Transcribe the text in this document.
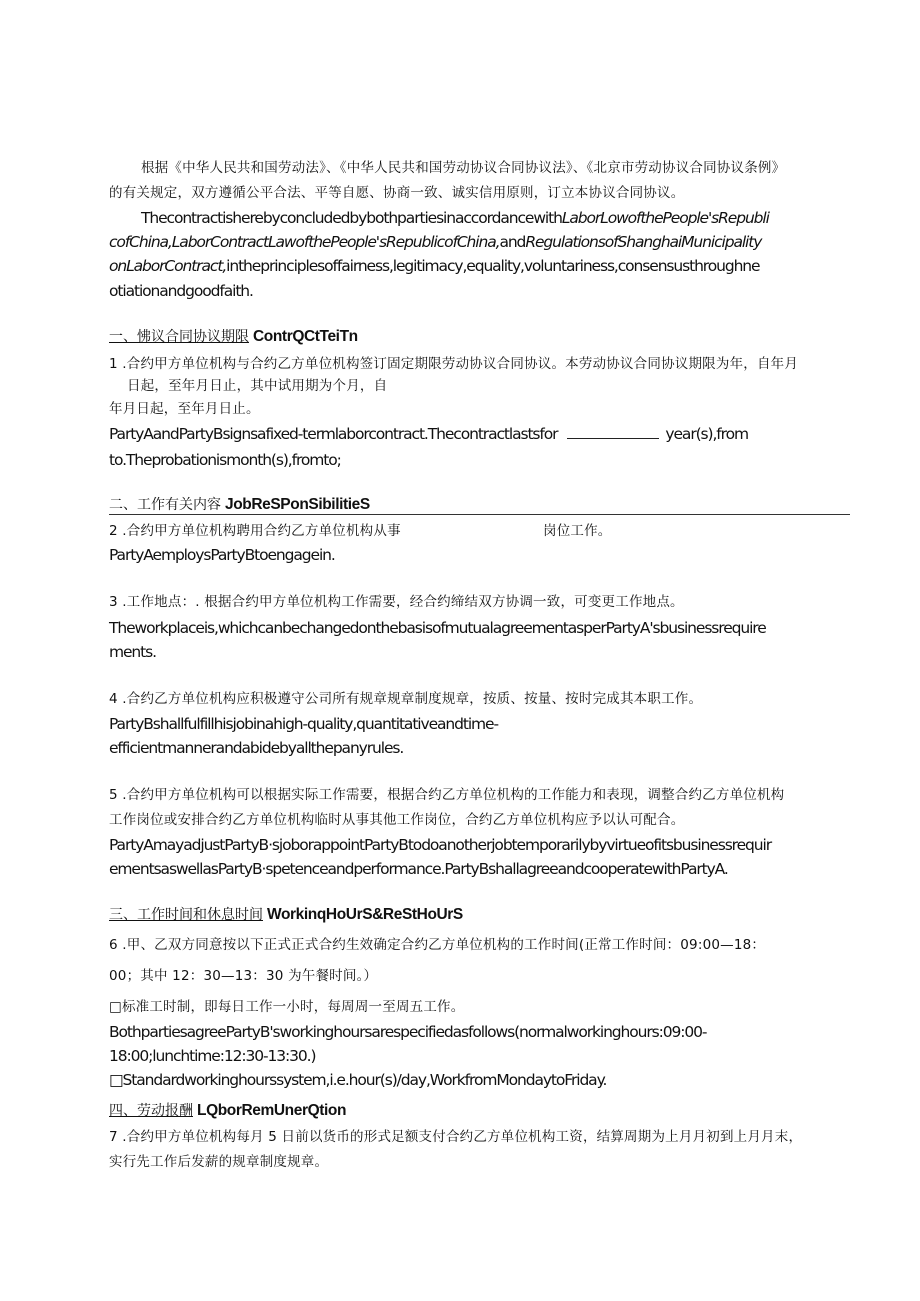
根据《中华人民共和国劳动法》、《中华人民共和国劳动协议合同协议法》、《北京市劳动协议合同协议条例》
的有关规定，双方遵循公平合法、平等自愿、协商一致、诚实信用原则，订立本协议合同协议。
ThecontractisherebyconcludedbybothpartiesinaccordancewithLaborLowofthePeople'sRepubli
cofChina,LaborContractLawofthePeople'sRepublicofChina,andRegulationsofShanghaiMunicipality
onLaborContract,intheprinciplesoffairness,legitimacy,equality,voluntariness,consensusthroughne
otiationandgoodfaith.
一、怫议合同协议期限 ContrQCtTeiTn
1 .合约甲方单位机构与合约乙方单位机构签订固定期限劳动协议合同协议。本劳动协议合同协议期限为年，自年月
日起，至年月日止，其中试用期为个月，自
年月日起，至年月日止。
PartyAandPartyBsignsafixed-termlaborcontract.Thecontractlastsfor	year(s),from
to.Theprobationismonth(s),fromto;
二、工作有关内容 JobReSPonSibilitieS
2 .合约甲方单位机构聘用合约乙方单位机构从事	岗位工作。
PartyAemploysPartyBtoengagein.
3 .工作地点：. 根据合约甲方单位机构工作需要，经合约缔结双方协调一致，可变更工作地点。
Theworkplaceis,whichcanbechangedonthebasisofmutualagreementasperPartyA'sbusinessrequire
ments.
4 .合约乙方单位机构应积极遵守公司所有规章规章制度规章，按质、按量、按时完成其本职工作。
PartyBshallfulfillhisjobinahigh-quality,quantitativeandtime-
efficientmannerandabidebyallthepanyrules.
5 .合约甲方单位机构可以根据实际工作需要，根据合约乙方单位机构的工作能力和表现，调整合约乙方单位机构
工作岗位或安排合约乙方单位机构临时从事其他工作岗位，合约乙方单位机构应予以认可配合。
PartyAmayadjustPartyB·sjoborappointPartyBtodoanotherjobtemporarilybyvirtueofitsbusinessrequir
ementsaswellasPartyB·spetenceandperformance.PartyBshallagreeandcooperatewithPartyA.
三、工作时间和休息时间 WorkinqHoUrS&ReStHoUrS
6 .甲、乙双方同意按以下正式正式合约生效确定合约乙方单位机构的工作时间(正常工作时间：09:00—18：
00；其中 12：30—13：30 为午餐时间。）
□标准工时制，即每日工作一小时，每周周一至周五工作。
BothpartiesagreePartyB'sworkinghoursarespecifiedasfollows(normalworkinghours:09:00-
18:00;lunchtime:12:30-13:30.)
□Standardworkinghourssystem,i.e.hour(s)/day,WorkfromMondaytoFriday.
四、劳动报酬 LQborRemUnerQtion
7 .合约甲方单位机构每月 5 日前以货币的形式足额支付合约乙方单位机构工资，结算周期为上月月初到上月月末，
实行先工作后发薪的规章制度规章。
